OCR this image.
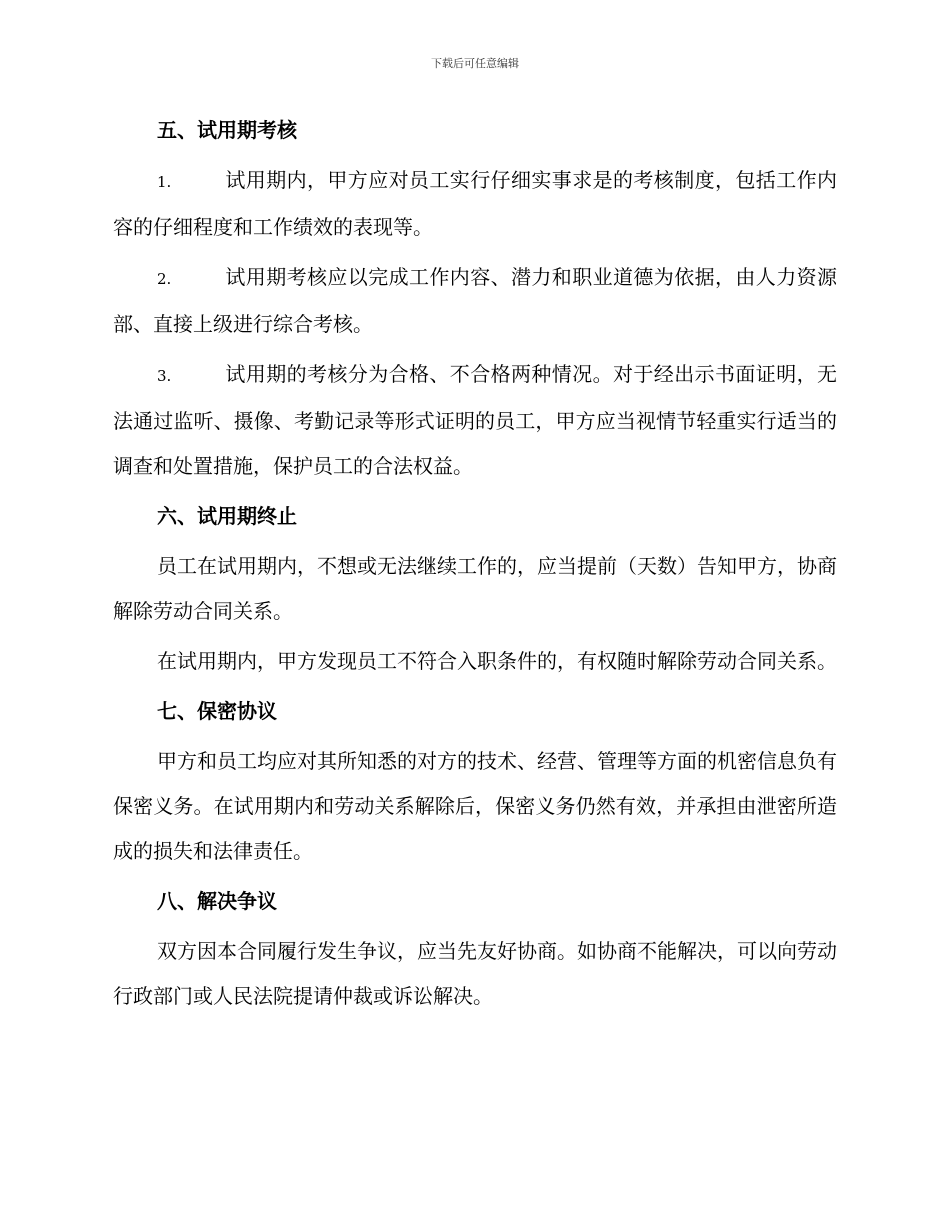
下载后可任意编辑
五、试用期考核
1.	试用期内，甲方应对员工实行仔细实事求是的考核制度，包括工作内容的仔细程度和工作绩效的表现等。
2.	试用期考核应以完成工作内容、潜力和职业道德为依据，由人力资源部、直接上级进行综合考核。
3.	试用期的考核分为合格、不合格两种情况。对于经出示书面证明，无法通过监听、摄像、考勤记录等形式证明的员工，甲方应当视情节轻重实行适当的调查和处置措施，保护员工的合法权益。
六、试用期终止
员工在试用期内，不想或无法继续工作的，应当提前（天数）告知甲方，协商解除劳动合同关系。
在试用期内，甲方发现员工不符合入职条件的，有权随时解除劳动合同关系。
七、保密协议
甲方和员工均应对其所知悉的对方的技术、经营、管理等方面的机密信息负有保密义务。在试用期内和劳动关系解除后，保密义务仍然有效，并承担由泄密所造成的损失和法律责任。
八、解决争议
双方因本合同履行发生争议，应当先友好协商。如协商不能解决，可以向劳动行政部门或人民法院提请仲裁或诉讼解决。
